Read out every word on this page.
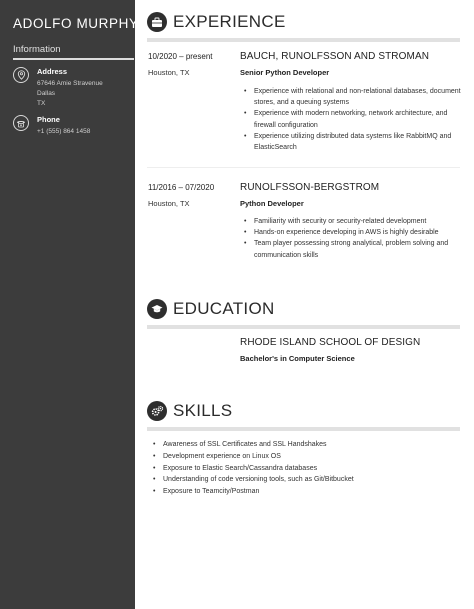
ADOLFO MURPHY
Information
Address
67646 Amie Stravenue
Dallas
TX
Phone
+1 (555) 864 1458
EXPERIENCE
10/2020 – present
Houston, TX
BAUCH, RUNOLFSSON AND STROMAN
Senior Python Developer
• Experience with relational and non-relational databases, document stores, and a queuing systems
• Experience with modern networking, network architecture, and firewall configuration
• Experience utilizing distributed data systems like RabbitMQ and ElasticSearch
11/2016 – 07/2020
Houston, TX
RUNOLFSSON-BERGSTROM
Python Developer
• Familiarity with security or security-related development
• Hands-on experience developing in AWS is highly desirable
• Team player possessing strong analytical, problem solving and communication skills
EDUCATION
RHODE ISLAND SCHOOL OF DESIGN
Bachelor's in Computer Science
SKILLS
• Awareness of SSL Certificates and SSL Handshakes
• Development experience on Linux OS
• Exposure to Elastic Search/Cassandra databases
• Understanding of code versioning tools, such as Git/Bitbucket
• Exposure to Teamcity/Postman
